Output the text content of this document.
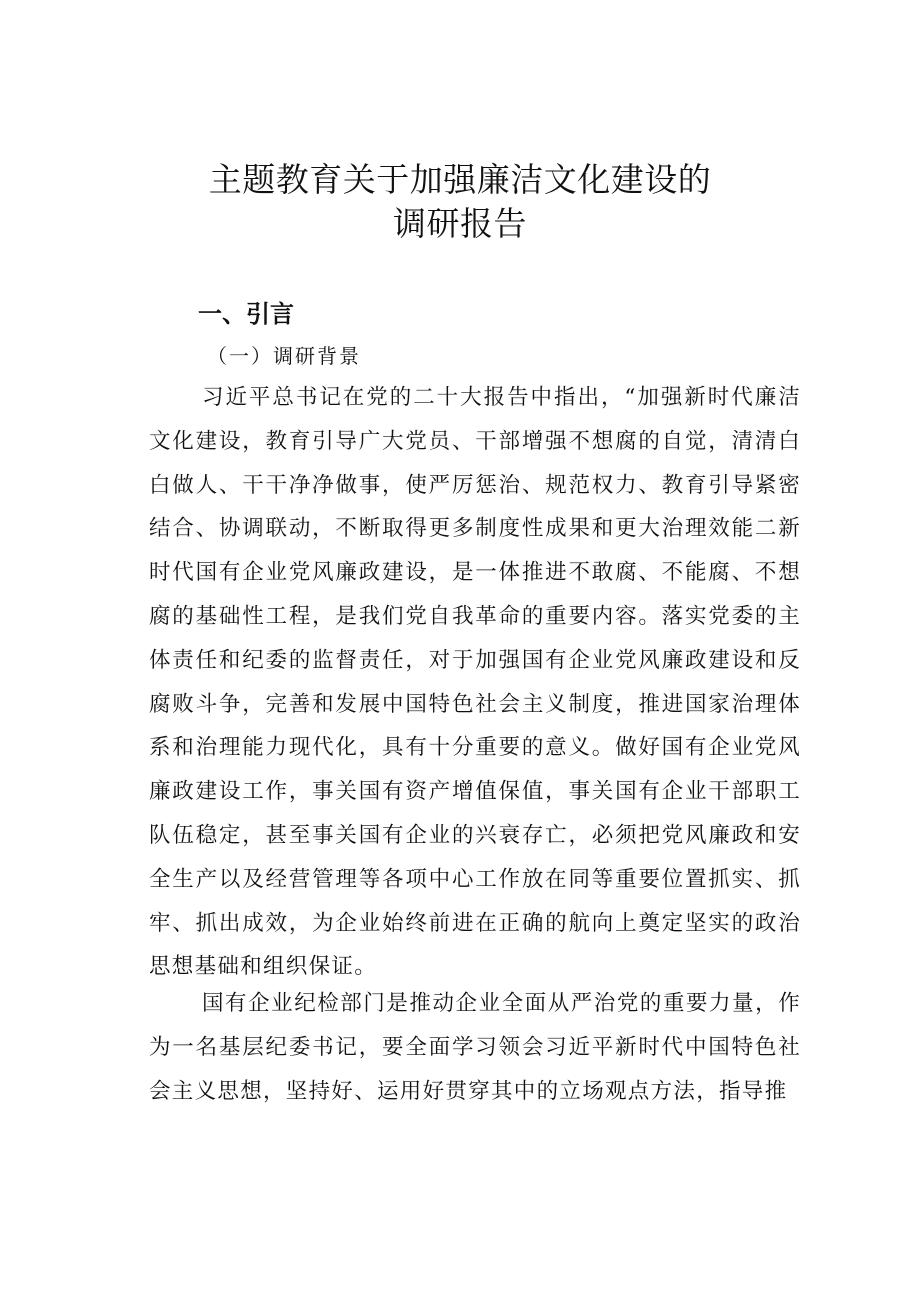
主题教育关于加强廉洁文化建设的
调研报告
一、引言
（一）调研背景

习近平总书记在党的二十大报告中指出，“加强新时代廉洁文化建设，教育引导广大党员、干部增强不想腐的自觉，清清白白做人、干干净净做事，使严厉惩治、规范权力、教育引导紧密结合、协调联动，不断取得更多制度性成果和更大治理效能二新时代国有企业党风廉政建设，是一体推进不敢腐、不能腐、不想腐的基础性工程，是我们党自我革命的重要内容。落实党委的主体责任和纪委的监督责任，对于加强国有企业党风廉政建设和反腐败斗争，完善和发展中国特色社会主义制度，推进国家治理体系和治理能力现代化，具有十分重要的意义。做好国有企业党风廉政建设工作，事关国有资产增值保值，事关国有企业干部职工队伍稳定，甚至事关国有企业的兴衰存亡，必须把党风廉政和安全生产以及经营管理等各项中心工作放在同等重要位置抓实、抓牢、抓出成效，为企业始终前进在正确的航向上奠定坚实的政治思想基础和组织保证。

国有企业纪检部门是推动企业全面从严治党的重要力量，作为一名基层纪委书记，要全面学习领会习近平新时代中国特色社会主义思想，坚持好、运用好贯穿其中的立场观点方法，指导推
